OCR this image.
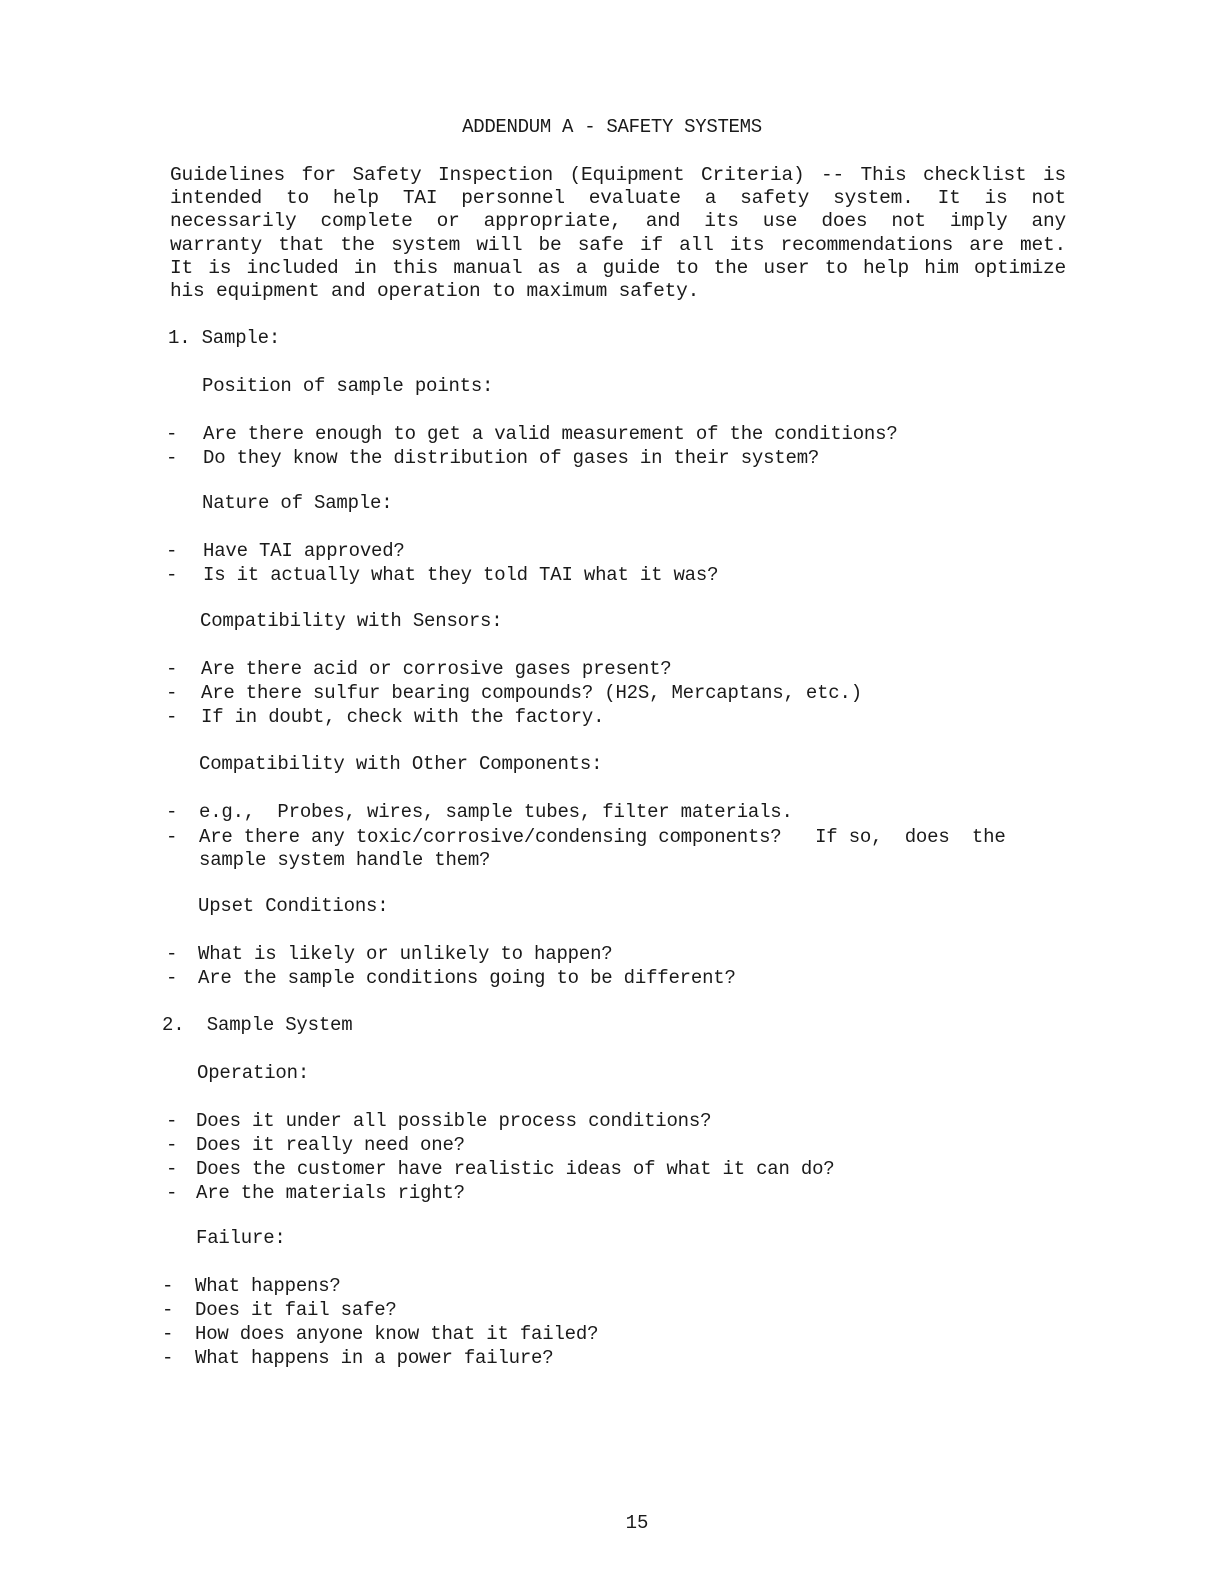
ADDENDUM A - SAFETY SYSTEMS
Guidelines for Safety Inspection (Equipment Criteria) -- This checklist is
intended to help TAI personnel evaluate a safety system. It is not
necessarily complete or appropriate, and its use does not imply any
warranty that the system will be safe if all its recommendations are met.
It is included in this manual as a guide to the user to help him optimize
his equipment and operation to maximum safety.
1. Sample:
Position of sample points:
- Are there enough to get a valid measurement of the conditions?
- Do they know the distribution of gases in their system?
Nature of Sample:
- Have TAI approved?
- Is it actually what they told TAI what it was?
Compatibility with Sensors:
- Are there acid or corrosive gases present?
- Are there sulfur bearing compounds? (H2S, Mercaptans, etc.)
- If in doubt, check with the factory.
Compatibility with Other Components:
- e.g.,  Probes, wires, sample tubes, filter materials.
- Are there any toxic/corrosive/condensing components?   If so,  does  the
sample system handle them?
Upset Conditions:
- What is likely or unlikely to happen?
- Are the sample conditions going to be different?
2.  Sample System
Operation:
- Does it under all possible process conditions?
- Does it really need one?
- Does the customer have realistic ideas of what it can do?
- Are the materials right?
Failure:
- What happens?
- Does it fail safe?
- How does anyone know that it failed?
- What happens in a power failure?
15
